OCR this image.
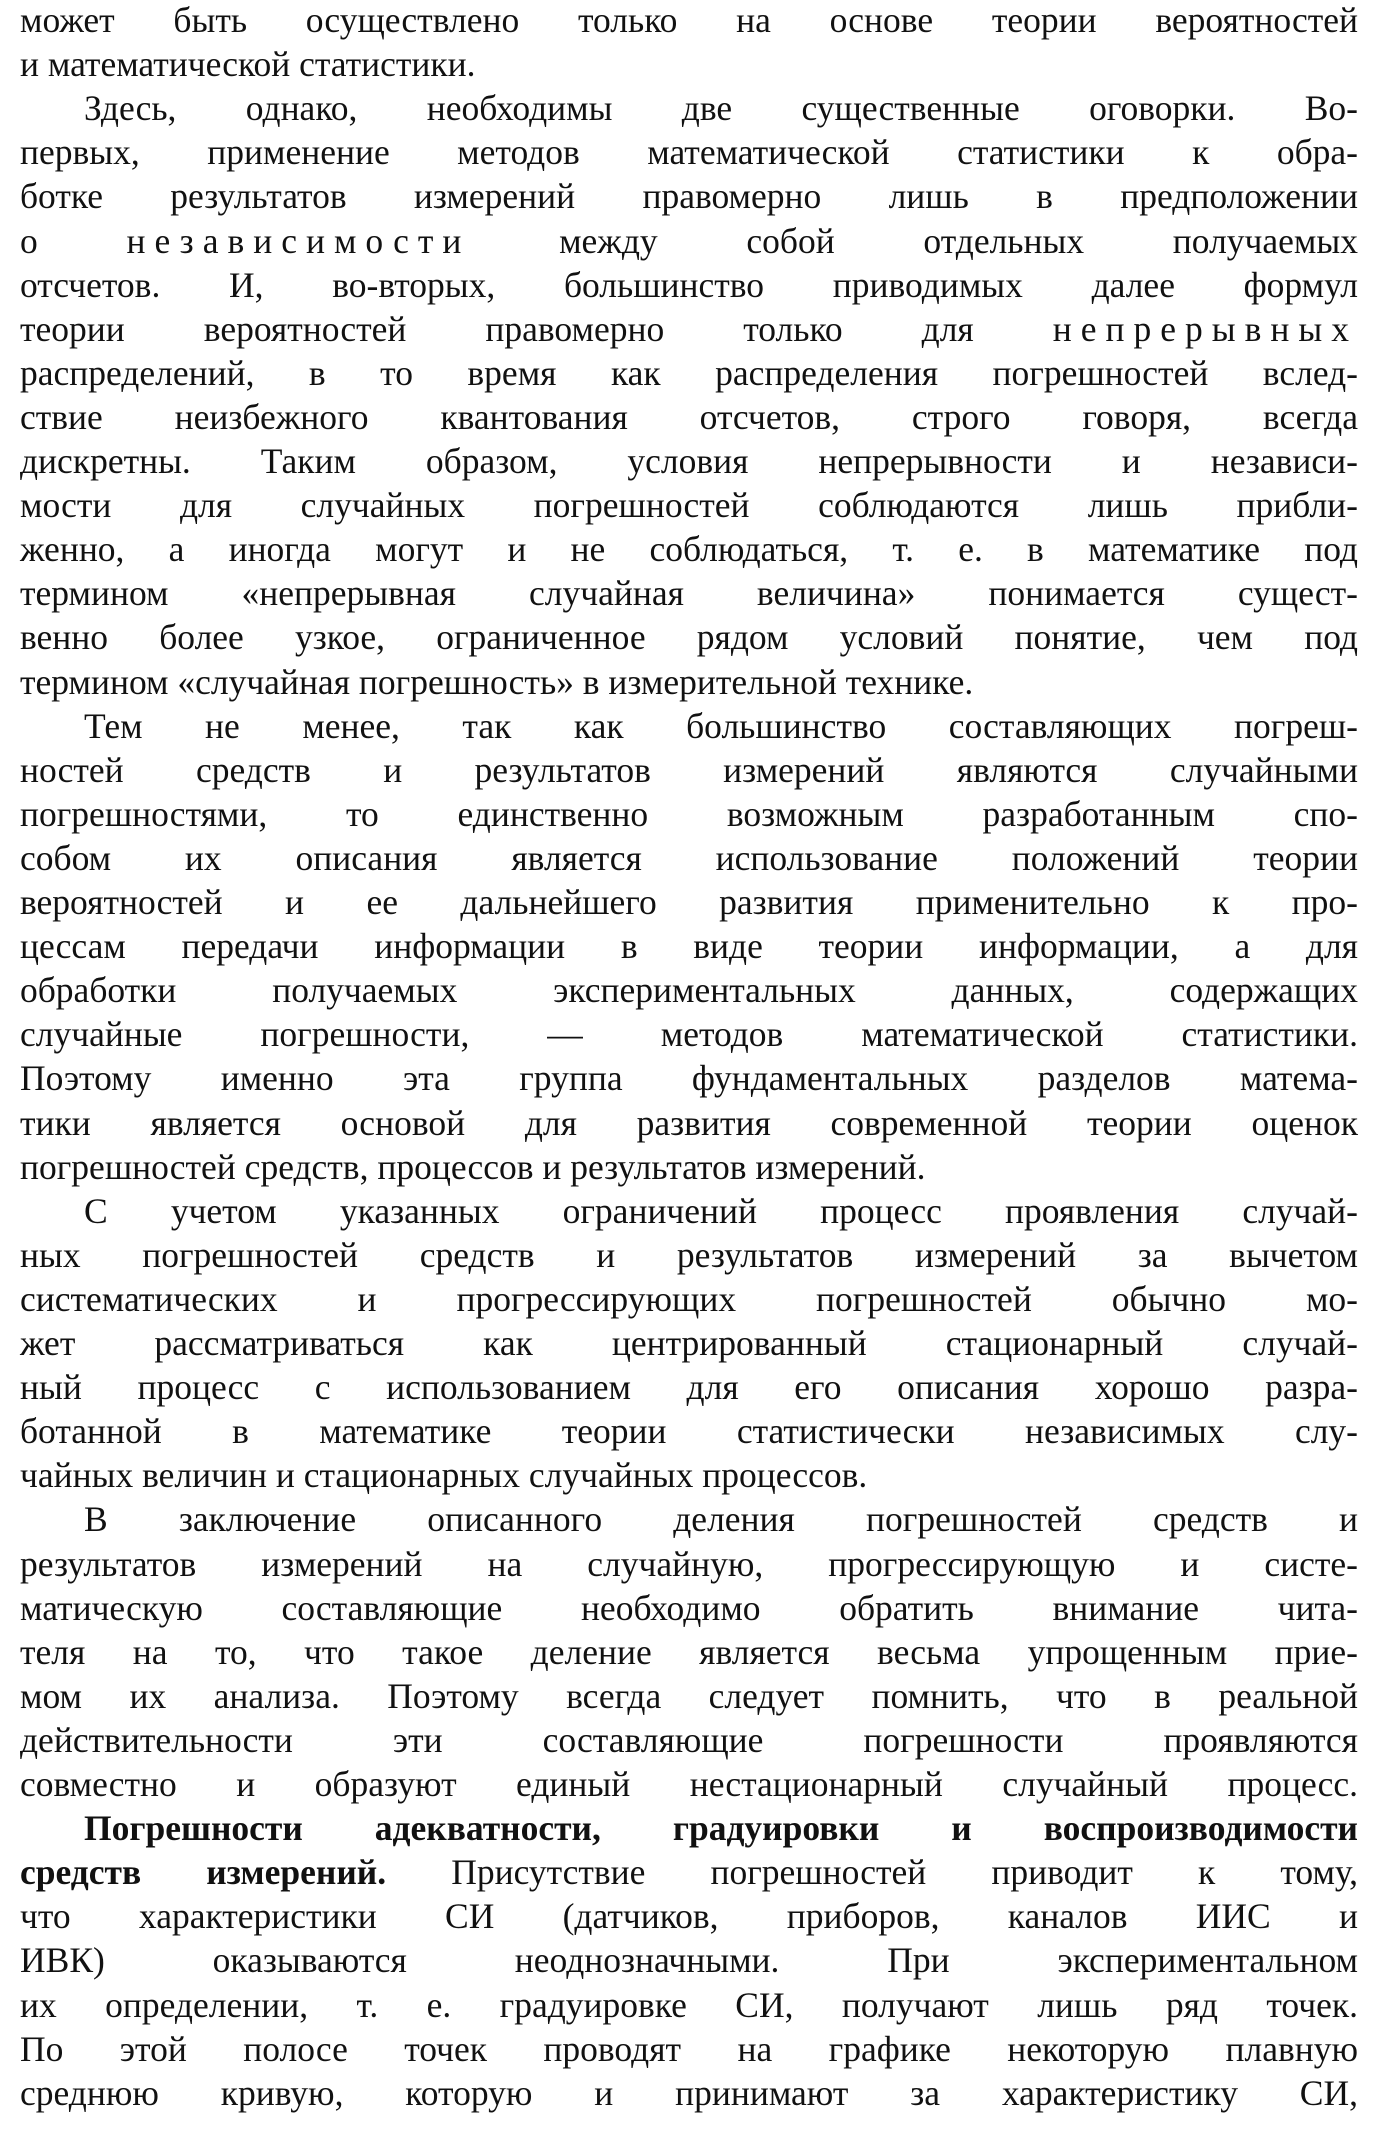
может быть осуществлено только на основе теории вероятностей
и математической статистики.
Здесь, однако, необходимы две существенные оговорки. Во-
первых, применение методов математической статистики к обра-
ботке результатов измерений правомерно лишь в предположении
о независимости между собой отдельных получаемых
отсчетов. И, во-вторых, большинство приводимых далее формул
теории вероятностей правомерно только для непрерывных
распределений, в то время как распределения погрешностей вслед-
ствие неизбежного квантования отсчетов, строго говоря, всегда
дискретны. Таким образом, условия непрерывности и независи-
мости для случайных погрешностей соблюдаются лишь прибли-
женно, а иногда могут и не соблюдаться, т. е. в математике под
термином «непрерывная случайная величина» понимается сущест-
венно более узкое, ограниченное рядом условий понятие, чем под
термином «случайная погрешность» в измерительной технике.
Тем не менее, так как большинство составляющих погреш-
ностей средств и результатов измерений являются случайными
погрешностями, то единственно возможным разработанным спо-
собом их описания является использование положений теории
вероятностей и ее дальнейшего развития применительно к про-
цессам передачи информации в виде теории информации, а для
обработки получаемых экспериментальных данных, содержащих
случайные погрешности, — методов математической статистики.
Поэтому именно эта группа фундаментальных разделов матема-
тики является основой для развития современной теории оценок
погрешностей средств, процессов и результатов измерений.
С учетом указанных ограничений процесс проявления случай-
ных погрешностей средств и результатов измерений за вычетом
систематических и прогрессирующих погрешностей обычно мо-
жет рассматриваться как центрированный стационарный случай-
ный процесс с использованием для его описания хорошо разра-
ботанной в математике теории статистически независимых слу-
чайных величин и стационарных случайных процессов.
В заключение описанного деления погрешностей средств и
результатов измерений на случайную, прогрессирующую и систе-
матическую составляющие необходимо обратить внимание чита-
теля на то, что такое деление является весьма упрощенным прие-
мом их анализа. Поэтому всегда следует помнить, что в реальной
действительности эти составляющие погрешности проявляются
совместно и образуют единый нестационарный случайный процесс.
Погрешности адекватности, градуировки и воспроизводимости
средств измерений. Присутствие погрешностей приводит к тому,
что характеристики СИ (датчиков, приборов, каналов ИИС и
ИВК) оказываются неоднозначными. При экспериментальном
их определении, т. е. градуировке СИ, получают лишь ряд точек.
По этой полосе точек проводят на графике некоторую плавную
среднюю кривую, которую и принимают за характеристику СИ,
